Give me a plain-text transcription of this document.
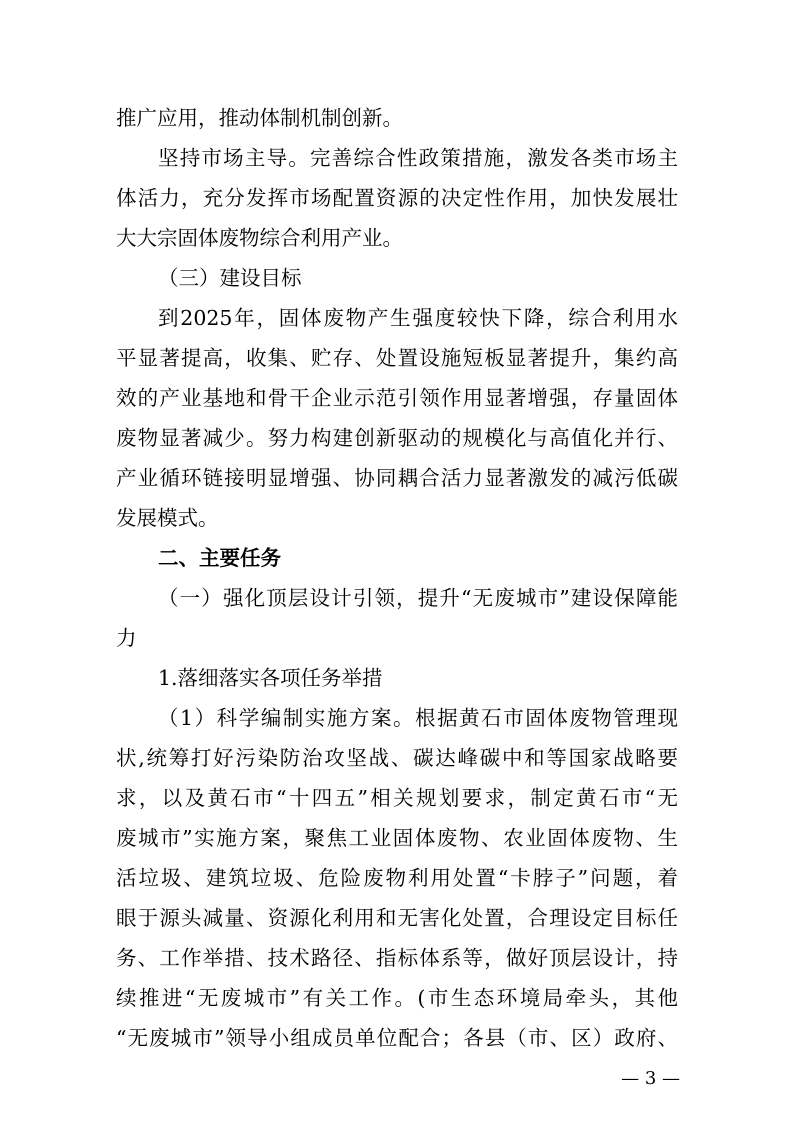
推广应用，推动体制机制创新。
坚持市场主导。完善综合性政策措施，激发各类市场主
体活力，充分发挥市场配置资源的决定性作用，加快发展壮
大大宗固体废物综合利用产业。
（三）建设目标
到2025年，固体废物产生强度较快下降，综合利用水
平显著提高，收集、贮存、处置设施短板显著提升，集约高
效的产业基地和骨干企业示范引领作用显著增强，存量固体
废物显著减少。努力构建创新驱动的规模化与高值化并行、
产业循环链接明显增强、协同耦合活力显著激发的减污低碳
发展模式。
二、主要任务
（一）强化顶层设计引领，提升“无废城市”建设保障能
力
1.落细落实各项任务举措
（1）科学编制实施方案。根据黄石市固体废物管理现
状,统筹打好污染防治攻坚战、碳达峰碳中和等国家战略要
求，以及黄石市“十四五”相关规划要求，制定黄石市“无
废城市”实施方案，聚焦工业固体废物、农业固体废物、生
活垃圾、建筑垃圾、危险废物利用处置“卡脖子”问题，着
眼于源头减量、资源化利用和无害化处置，合理设定目标任
务、工作举措、技术路径、指标体系等，做好顶层设计，持
续推进“无废城市”有关工作。(市生态环境局牵头，其他
“无废城市”领导小组成员单位配合；各县（市、区）政府、
— 3 —
